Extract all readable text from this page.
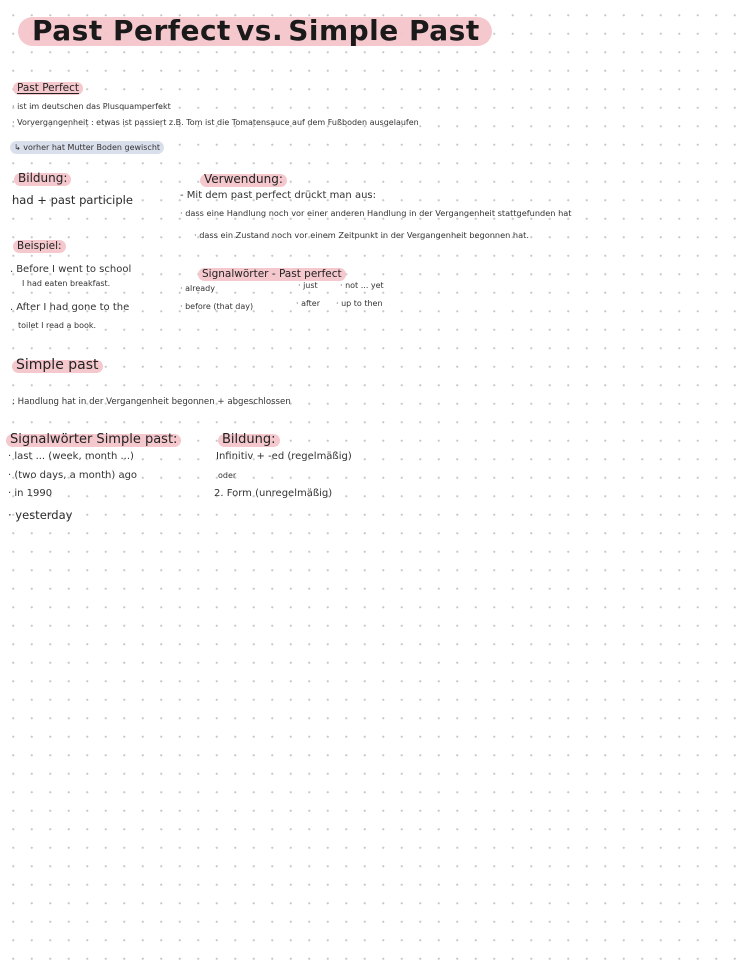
Past Perfect vs. Simple Past
Past Perfect
· ist im deutschen das Plusquamperfekt
· Vorvergangenheit : etwas ist passiert z.B. Tom ist die Tomatensauce auf dem Fußboden ausgelaufen
↳ vorher hat Mutter Boden gewischt
Bildung:
had + past participle
Verwendung:
- Mit dem past perfect drückt man aus:
· dass eine Handlung noch vor einer anderen Handlung in der Vergangenheit stattgefunden hat
· dass ein Zustand noch vor einem Zeitpunkt in der Vergangenheit begonnen hat.
Beispiel:
. Before I went to school
I had eaten breakfast.
. After I had gone to the
toilet I read a book.
Signalwörter - Past perfect
· already	· just	· not ... yet
· before (that day)	· after · up to then
Simple past
: Handlung hat in der Vergangenheit begonnen + abgeschlossen
Signalwörter Simple past:
· last ... (week, month ...)
· (two days, a month) ago
· in 1990
· yesterday
Bildung:
Infinitiv + -ed (regelmäßig)
oder
2. Form (unregelmäßig)
